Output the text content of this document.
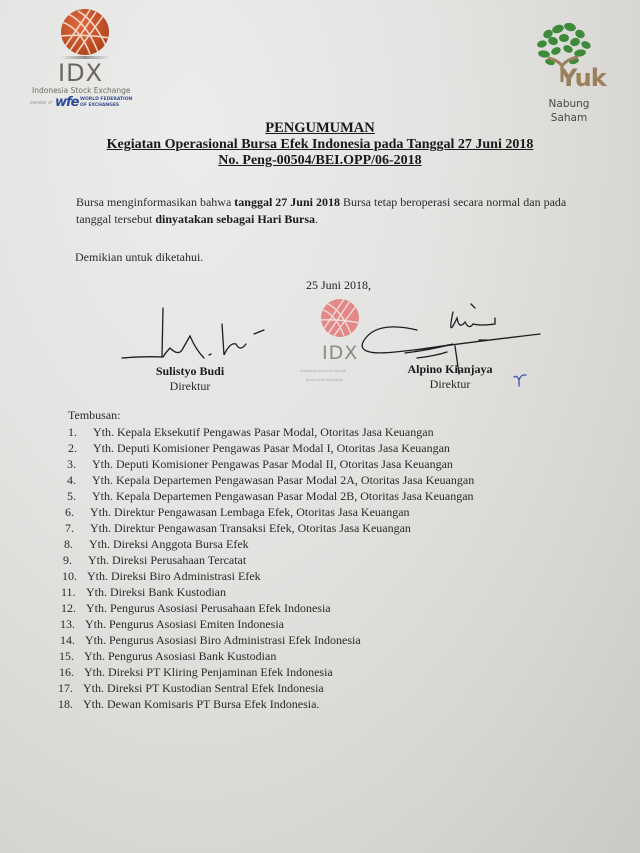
IDX
Indonesia Stock Exchange
member of wfe WORLD FEDERATION
OF EXCHANGES
Yuk
Nabung
Saham
PENGUMUMAN
Kegiatan Operasional Bursa Efek Indonesia pada Tanggal 27 Juni 2018
No. Peng-00504/BEI.OPP/06-2018
Bursa menginformasikan bahwa tanggal 27 Juni 2018 Bursa tetap beroperasi secara normal dan pada tanggal tersebut dinyatakan sebagai Hari Bursa.
Demikian untuk diketahui.
25 Juni 2018,
IDX
Indonesia Stock Exchange
Bursa Efek Indonesia
Sulistyo Budi
Direktur
Alpino Kianjaya
Direktur
Tembusan:
1.	Yth. Kepala Eksekutif Pengawas Pasar Modal, Otoritas Jasa Keuangan
2.	Yth. Deputi Komisioner Pengawas Pasar Modal I, Otoritas Jasa Keuangan
3.	Yth. Deputi Komisioner Pengawas Pasar Modal II, Otoritas Jasa Keuangan
4.	Yth. Kepala Departemen Pengawasan Pasar Modal 2A, Otoritas Jasa Keuangan
5.	Yth. Kepala Departemen Pengawasan Pasar Modal 2B, Otoritas Jasa Keuangan
6.	Yth. Direktur Pengawasan Lembaga Efek, Otoritas Jasa Keuangan
7.	Yth. Direktur Pengawasan Transaksi Efek, Otoritas Jasa Keuangan
8.	Yth. Direksi Anggota Bursa Efek
9.	Yth. Direksi Perusahaan Tercatat
10. Yth. Direksi Biro Administrasi Efek
11. Yth. Direksi Bank Kustodian
12. Yth. Pengurus Asosiasi Perusahaan Efek Indonesia
13. Yth. Pengurus Asosiasi Emiten Indonesia
14. Yth. Pengurus Asosiasi Biro Administrasi Efek Indonesia
15. Yth. Pengurus Asosiasi Bank Kustodian
16. Yth. Direksi PT Kliring Penjaminan Efek Indonesia
17. Yth. Direksi PT Kustodian Sentral Efek Indonesia
18. Yth. Dewan Komisaris PT Bursa Efek Indonesia.
